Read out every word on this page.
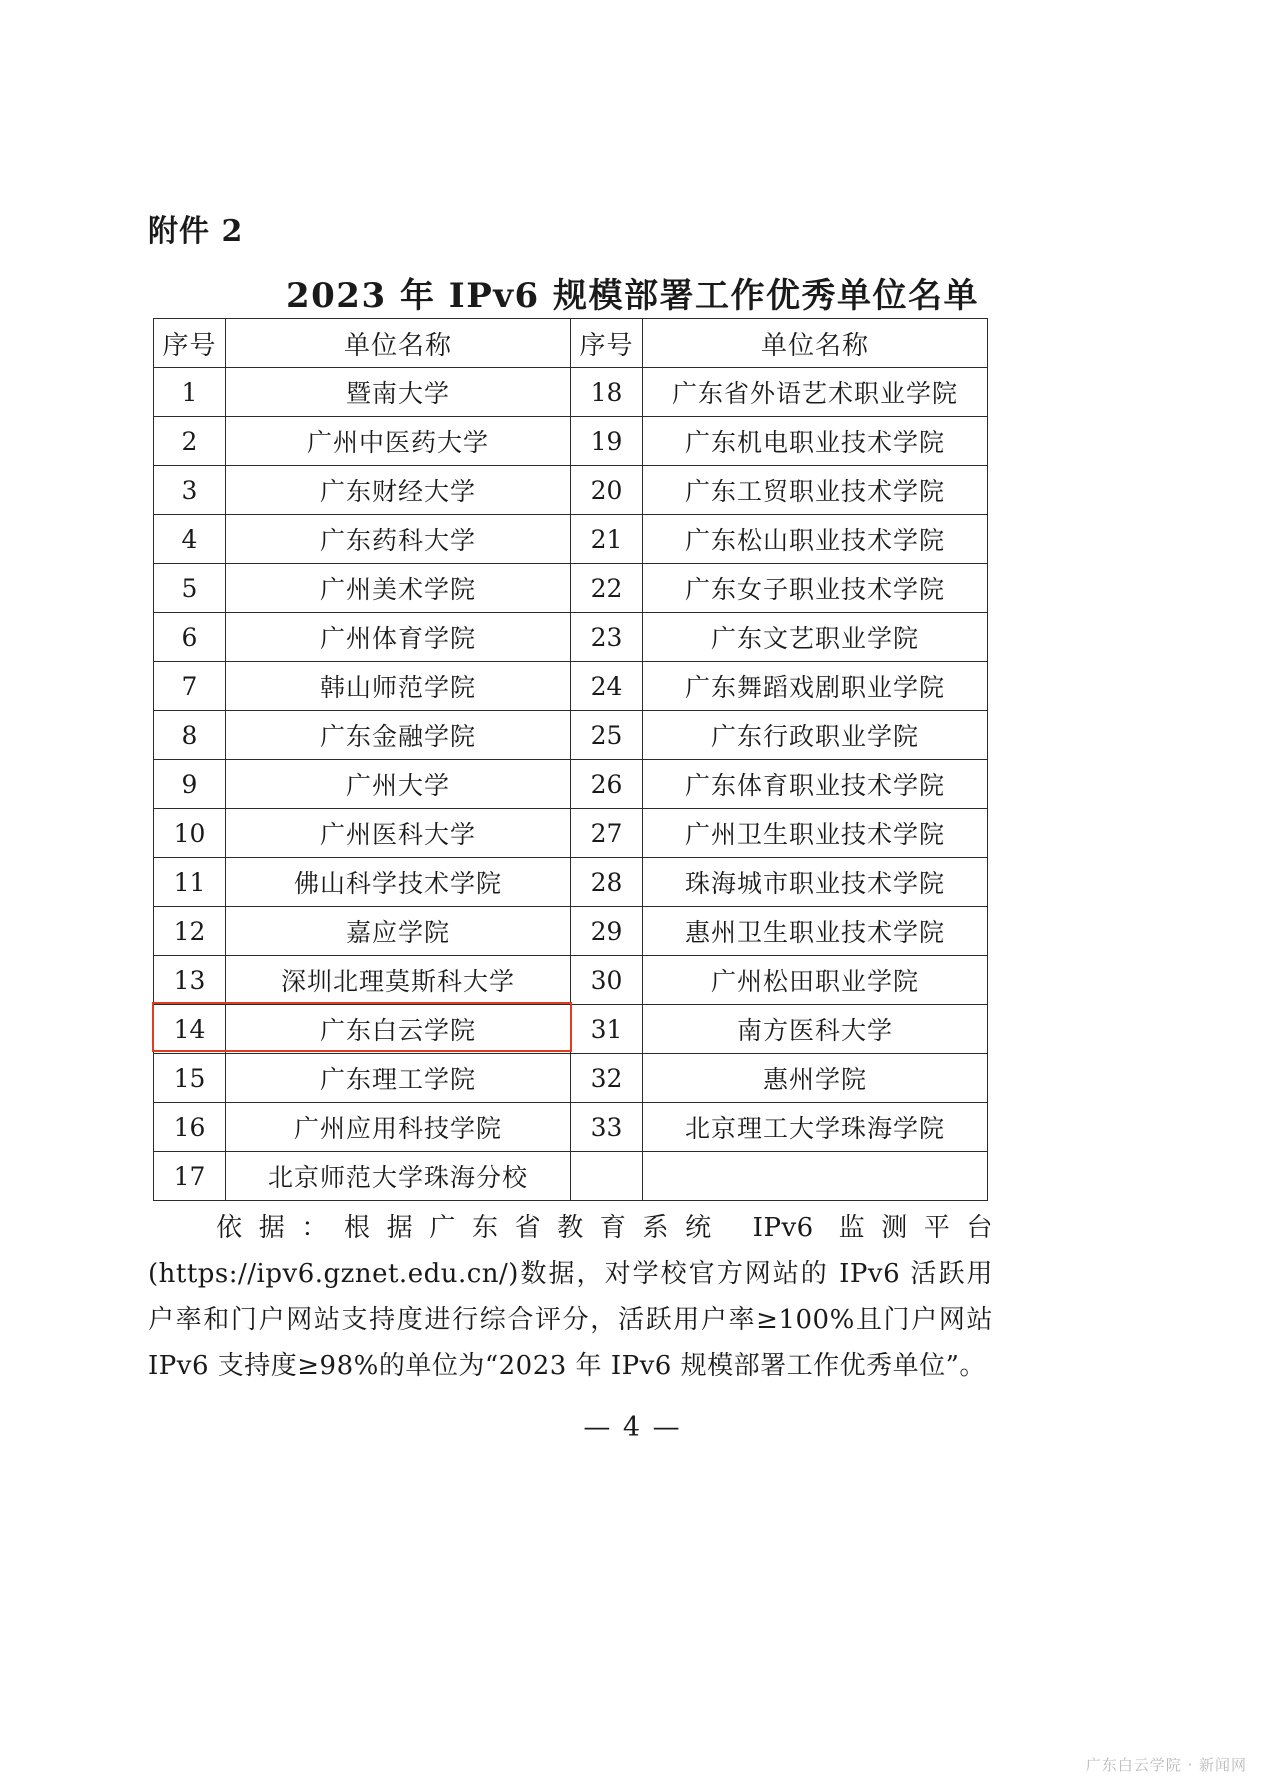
附件 2
2023 年 IPv6 规模部署工作优秀单位名单
序号	单位名称	序号	单位名称
1	暨南大学	18	广东省外语艺术职业学院
2	广州中医药大学	19	广东机电职业技术学院
3	广东财经大学	20	广东工贸职业技术学院
4	广东药科大学	21	广东松山职业技术学院
5	广州美术学院	22	广东女子职业技术学院
6	广州体育学院	23	广东文艺职业学院
7	韩山师范学院	24	广东舞蹈戏剧职业学院
8	广东金融学院	25	广东行政职业学院
9	广州大学	26	广东体育职业技术学院
10	广州医科大学	27	广州卫生职业技术学院
11	佛山科学技术学院	28	珠海城市职业技术学院
12	嘉应学院	29	惠州卫生职业技术学院
13	深圳北理莫斯科大学	30	广州松田职业学院
14	广东白云学院	31	南方医科大学
15	广东理工学院	32	惠州学院
16	广州应用科技学院	33	北京理工大学珠海学院
17	北京师范大学珠海分校		
依据：根据广东省教育系统 IPv6 监测平台(https://ipv6.gznet.edu.cn/)数据，对学校官方网站的 IPv6 活跃用户率和门户网站支持度进行综合评分，活跃用户率≥100%且门户网站 IPv6 支持度≥98%的单位为“2023 年 IPv6 规模部署工作优秀单位”。
— 4 —
广东白云学院 · 新闻网
